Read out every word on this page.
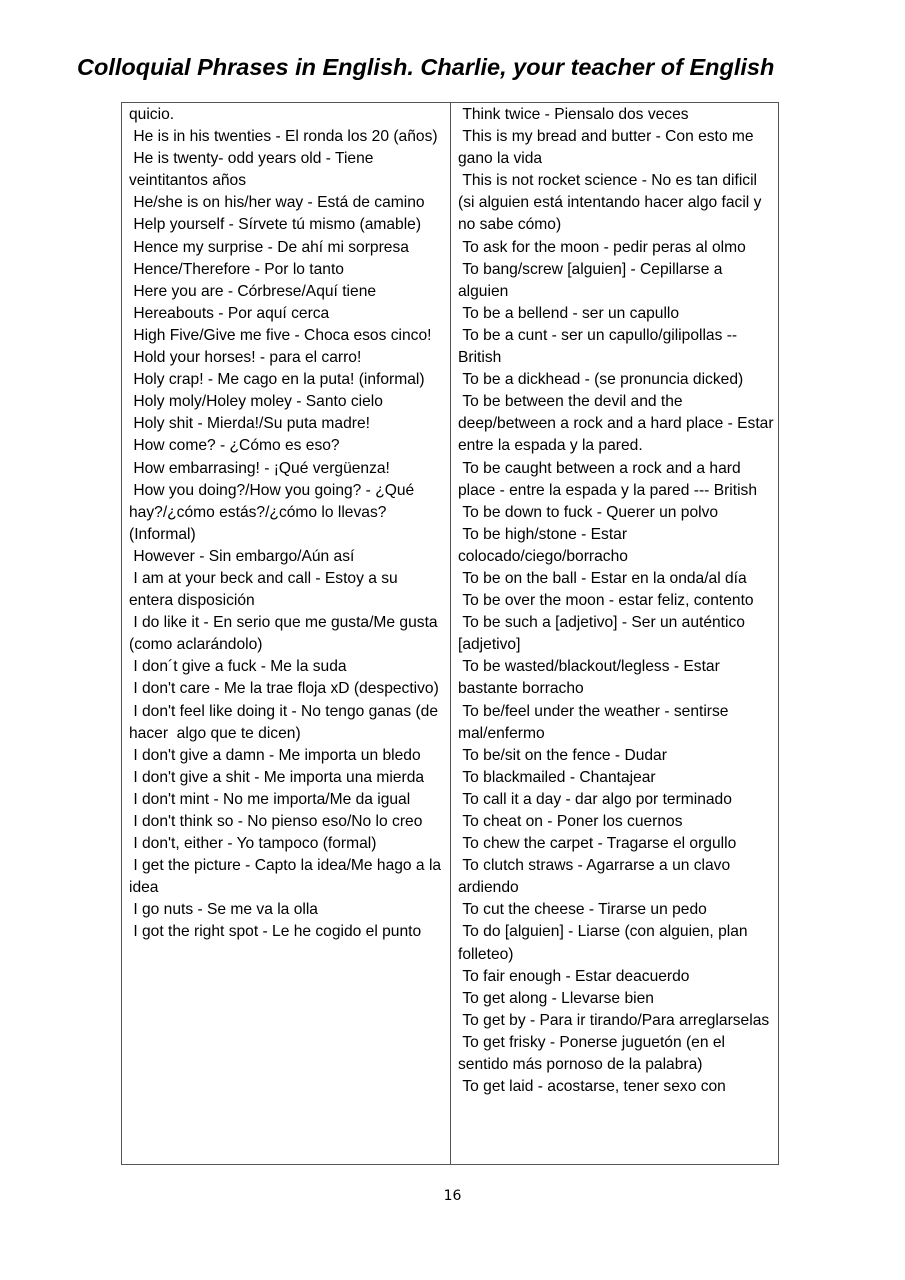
Colloquial Phrases in English. Charlie, your teacher of English
quicio.
He is in his twenties - El ronda los 20 (años)
He is twenty- odd years old - Tiene veintitantos años
He/she is on his/her way - Está de camino
Help yourself - Sírvete tú mismo (amable)
Hence my surprise - De ahí mi sorpresa
Hence/Therefore - Por lo tanto
Here you are - Córbrese/Aquí tiene
Hereabouts - Por aquí cerca
High Five/Give me five - Choca esos cinco!
Hold your horses! - para el carro!
Holy crap! - Me cago en la puta! (informal)
Holy moly/Holey moley - Santo cielo
Holy shit - Mierda!/Su puta madre!
How come? - ¿Cómo es eso?
How embarrasing! - ¡Qué vergüenza!
How you doing?/How you going? - ¿Qué hay?/¿cómo estás?/¿cómo lo llevas? (Informal)
However - Sin embargo/Aún así
I am at your beck and call - Estoy a su entera disposición
I do like it - En serio que me gusta/Me gusta (como aclarándolo)
I don´t give a fuck - Me la suda
I don't care - Me la trae floja xD (despectivo)
I don't feel like doing it - No tengo ganas (de hacer  algo que te dicen)
I don't give a damn - Me importa un bledo
I don't give a shit - Me importa una mierda
I don't mint - No me importa/Me da igual
I don't think so - No pienso eso/No lo creo
I don't, either - Yo tampoco (formal)
I get the picture - Capto la idea/Me hago a la idea
I go nuts - Se me va la olla
I got the right spot - Le he cogido el punto
Think twice - Piensalo dos veces
This is my bread and butter - Con esto me gano la vida
This is not rocket science - No es tan dificil (si alguien está intentando hacer algo facil y no sabe cómo)
To ask for the moon - pedir peras al olmo
To bang/screw [alguien] - Cepillarse a alguien
To be a bellend - ser un capullo
To be a cunt - ser un capullo/gilipollas -- British
To be a dickhead - (se pronuncia dicked)
To be between the devil and the deep/between a rock and a hard place - Estar entre la espada y la pared.
To be caught between a rock and a hard place - entre la espada y la pared --- British
To be down to fuck - Querer un polvo
To be high/stone - Estar colocado/ciego/borracho
To be on the ball - Estar en la onda/al día
To be over the moon - estar feliz, contento
To be such a [adjetivo] - Ser un auténtico [adjetivo]
To be wasted/blackout/legless - Estar bastante borracho
To be/feel under the weather - sentirse mal/enfermo
To be/sit on the fence - Dudar
To blackmailed - Chantajear
To call it a day - dar algo por terminado
To cheat on - Poner los cuernos
To chew the carpet - Tragarse el orgullo
To clutch straws - Agarrarse a un clavo ardiendo
To cut the cheese - Tirarse un pedo
To do [alguien] - Liarse (con alguien, plan folleteo)
To fair enough - Estar deacuerdo
To get along - Llevarse bien
To get by - Para ir tirando/Para arreglarselas
To get frisky - Ponerse juguetón (en el sentido más pornoso de la palabra)
To get laid - acostarse, tener sexo con
16
